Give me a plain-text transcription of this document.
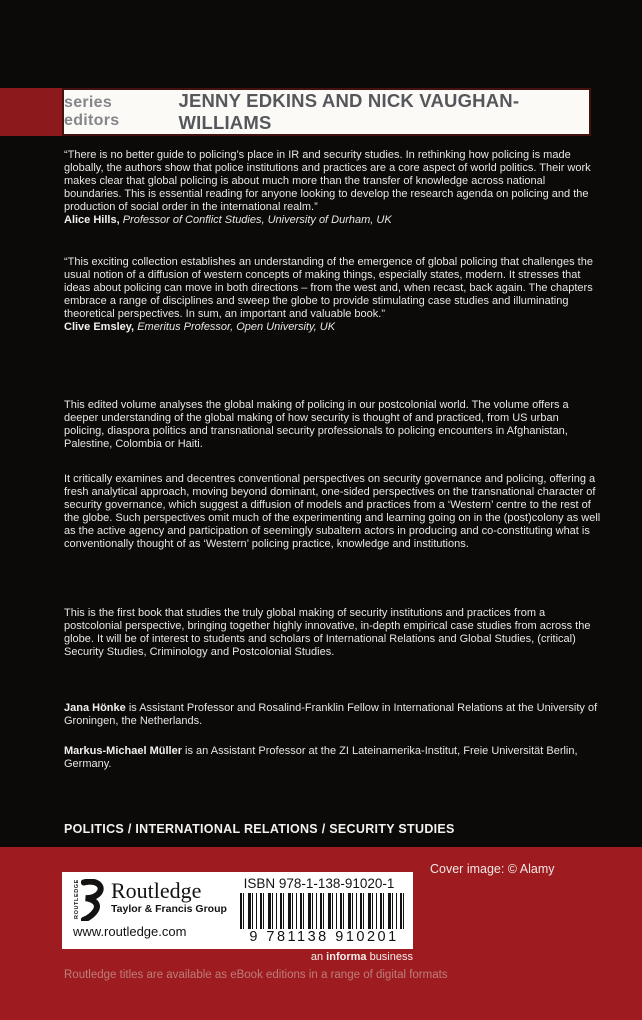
series editors
JENNY EDKINS AND NICK VAUGHAN-WILLIAMS
“There is no better guide to policing’s place in IR and security studies. In rethinking how policing is made globally, the authors show that police institutions and practices are a core aspect of world politics. Their work makes clear that global policing is about much more than the transfer of knowledge across national boundaries. This is essential reading for anyone looking to develop the research agenda on policing and the production of social order in the international realm.”
Alice Hills, Professor of Conflict Studies, University of Durham, UK
“This exciting collection establishes an understanding of the emergence of global policing that challenges the usual notion of a diffusion of western concepts of making things, especially states, modern. It stresses that ideas about policing can move in both directions – from the west and, when recast, back again. The chapters embrace a range of disciplines and sweep the globe to provide stimulating case studies and illuminating theoretical perspectives. In sum, an important and valuable book.”
Clive Emsley, Emeritus Professor, Open University, UK
This edited volume analyses the global making of policing in our postcolonial world. The volume offers a deeper understanding of the global making of how security is thought of and practiced, from US urban policing, diaspora politics and transnational security professionals to policing encounters in Afghanistan, Palestine, Colombia or Haiti.
It critically examines and decentres conventional perspectives on security governance and policing, offering a fresh analytical approach, moving beyond dominant, one-sided perspectives on the transnational character of security governance, which suggest a diffusion of models and practices from a ‘Western’ centre to the rest of the globe. Such perspectives omit much of the experimenting and learning going on in the (post)colony as well as the active agency and participation of seemingly subaltern actors in producing and co-constituting what is conventionally thought of as ‘Western’ policing practice, knowledge and institutions.
This is the first book that studies the truly global making of security institutions and practices from a postcolonial perspective, bringing together highly innovative, in-depth empirical case studies from across the globe. It will be of interest to students and scholars of International Relations and Global Studies, (critical) Security Studies, Criminology and Postcolonial Studies.
Jana Hönke is Assistant Professor and Rosalind-Franklin Fellow in International Relations at the University of Groningen, the Netherlands.
Markus-Michael Müller is an Assistant Professor at the ZI Lateinamerika-Institut, Freie Universität Berlin, Germany.
POLITICS / INTERNATIONAL RELATIONS / SECURITY STUDIES
Cover image: © Alamy
ROUTLEDGE Routledge
Taylor & Francis Group
www.routledge.com
ISBN 978-1-138-91020-1
9 781138 910201
an informa business
Routledge titles are available as eBook editions in a range of digital formats
